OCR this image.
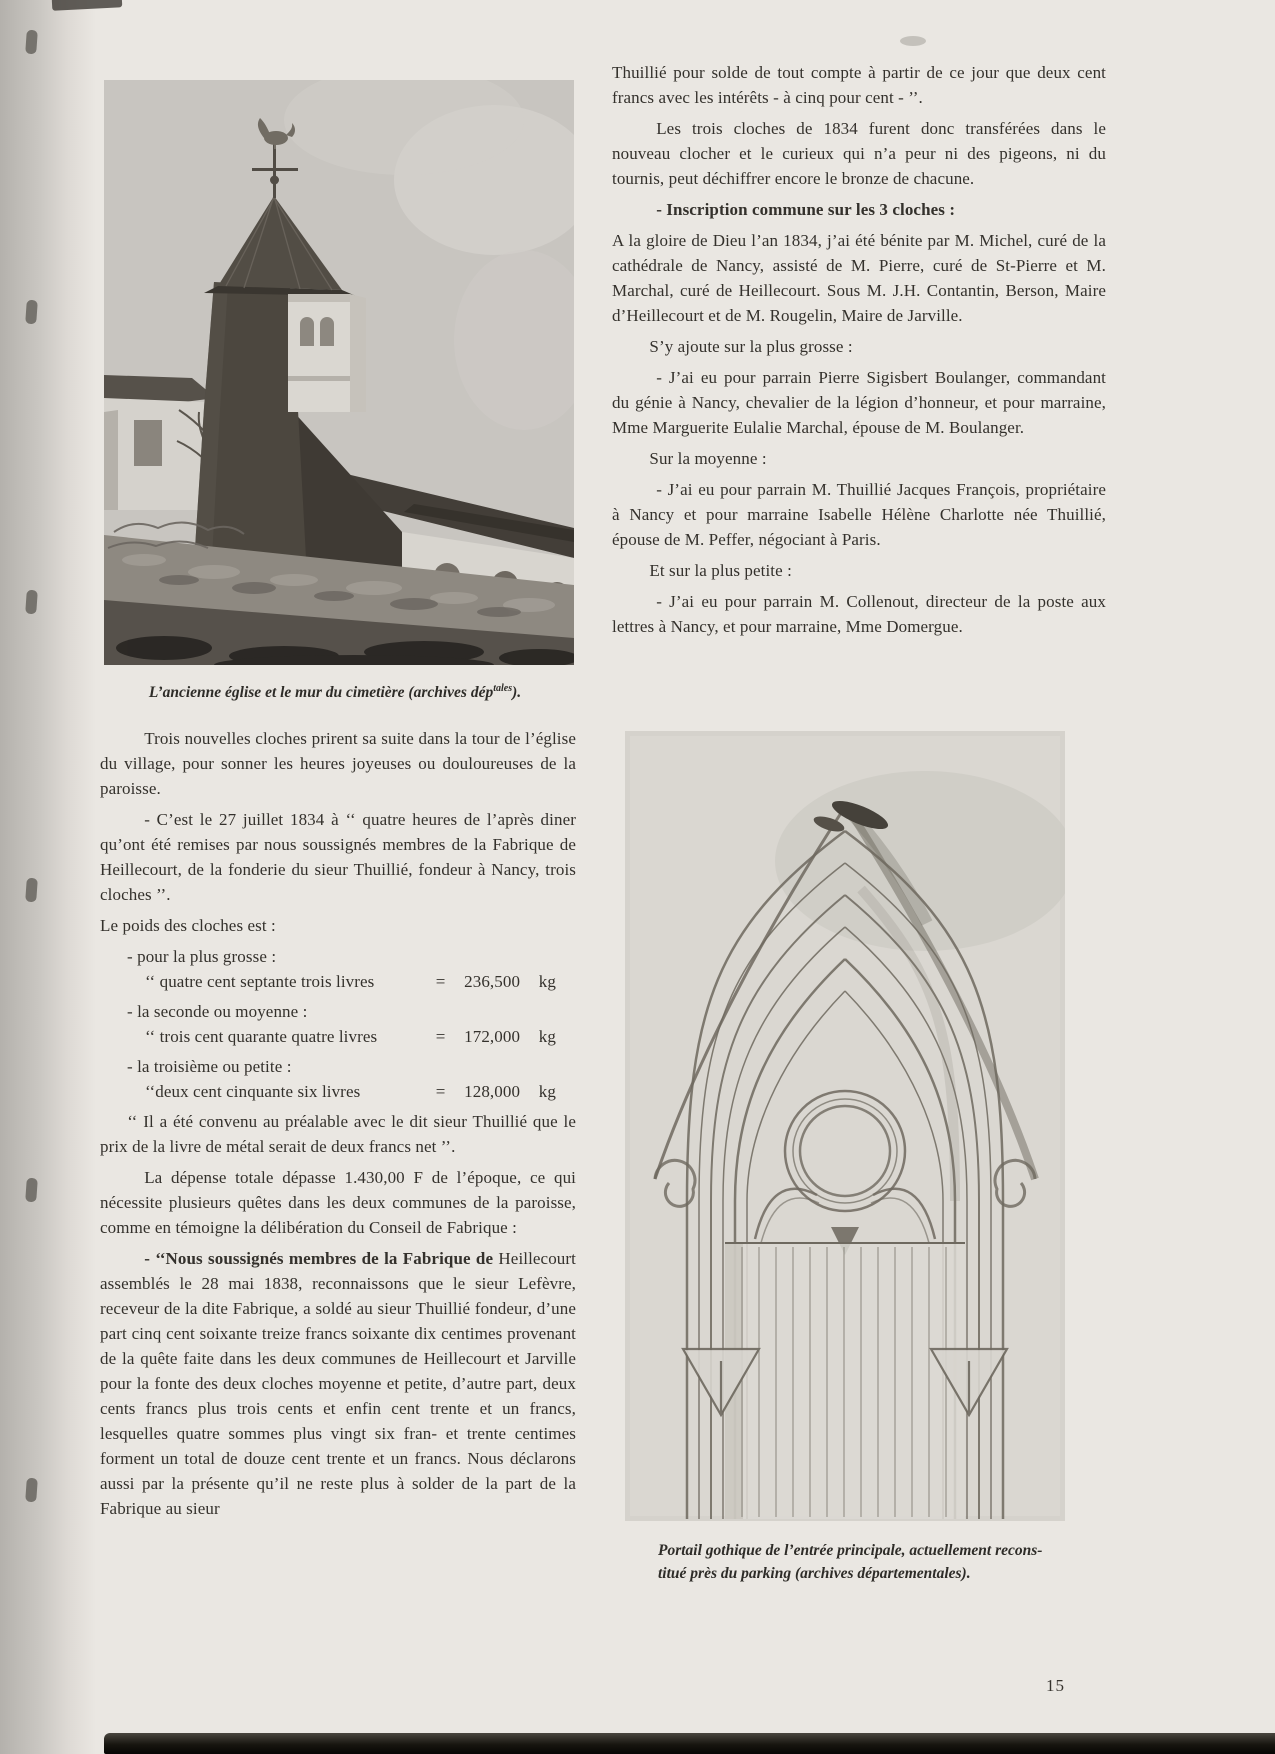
L’ancienne église et le mur du cimetière (archives dép$^{tales}$).

Trois nouvelles cloches prirent sa suite dans la tour de l’église du village, pour sonner les heures joyeuses ou douloureuses de la paroisse.

- C’est le 27 juillet 1834 à ‘‘ quatre heures de l’après diner qu’ont été remises par nous soussignés membres de la Fabrique de Heillecourt, de la fonderie du sieur Thuillié, fondeur à Nancy, trois cloches ’’.

Le poids des cloches est :

- pour la plus grosse :
‘‘ quatre cent septante trois livres	=  236,500  kg
- la seconde ou moyenne :
‘‘ trois cent quarante quatre livres	=  172,000  kg
- la troisième ou petite :
‘‘deux cent cinquante six livres	=  128,000  kg

‘‘ Il a été convenu au préalable avec le dit sieur Thuillié que le prix de la livre de métal serait de deux francs net ’’.

La dépense totale dépasse 1.430,00 F de l’époque, ce qui nécessite plusieurs quêtes dans les deux communes de la paroisse, comme en témoigne la délibération du Conseil de Fabrique :

- ‘‘Nous soussignés membres de la Fabrique de Heillecourt assemblés le 28 mai 1838, reconnaissons que le sieur Lefèvre, receveur de la dite Fabrique, a soldé au sieur Thuillié fondeur, d’une part cinq cent soixante treize francs soixante dix centimes provenant de la quête faite dans les deux communes de Heillecourt et Jarville pour la fonte des deux cloches moyenne et petite, d’autre part, deux cents francs plus trois cents et enfin cent trente et un francs, lesquelles quatre sommes plus vingt six fran- et trente centimes forment un total de douze cent trente et un francs. Nous déclarons aussi par la présente qu’il ne reste plus à solder de la part de la Fabrique au sieur

Thuillié pour solde de tout compte à partir de ce jour que deux cent francs avec les intérêts - à cinq pour cent - ’’.

Les trois cloches de 1834 furent donc transférées dans le nouveau clocher et le curieux qui n’a peur ni des pigeons, ni du tournis, peut déchiffrer encore le bronze de chacune.

- Inscription commune sur les 3 cloches :

A la gloire de Dieu l’an 1834, j’ai été bénite par M. Michel, curé de la cathédrale de Nancy, assisté de M. Pierre, curé de St-Pierre et M. Marchal, curé de Heillecourt. Sous M. J.H. Contantin, Berson, Maire d’Heillecourt et de M. Rougelin, Maire de Jarville.

S’y ajoute sur la plus grosse :

- J’ai eu pour parrain Pierre Sigisbert Boulanger, commandant du génie à Nancy, chevalier de la légion d’honneur, et pour marraine, Mme Marguerite Eulalie Marchal, épouse de M. Boulanger.

Sur la moyenne :

- J’ai eu pour parrain M. Thuillié Jacques François, propriétaire à Nancy et pour marraine Isabelle Hélène Charlotte née Thuillié, épouse de M. Peffer, négociant à Paris.

Et sur la plus petite :

- J’ai eu pour parrain M. Collenout, directeur de la poste aux lettres à Nancy, et pour marraine, Mme Domergue.

Portail gothique de l’entrée principale, actuellement recons-
titué près du parking (archives départementales).
15
